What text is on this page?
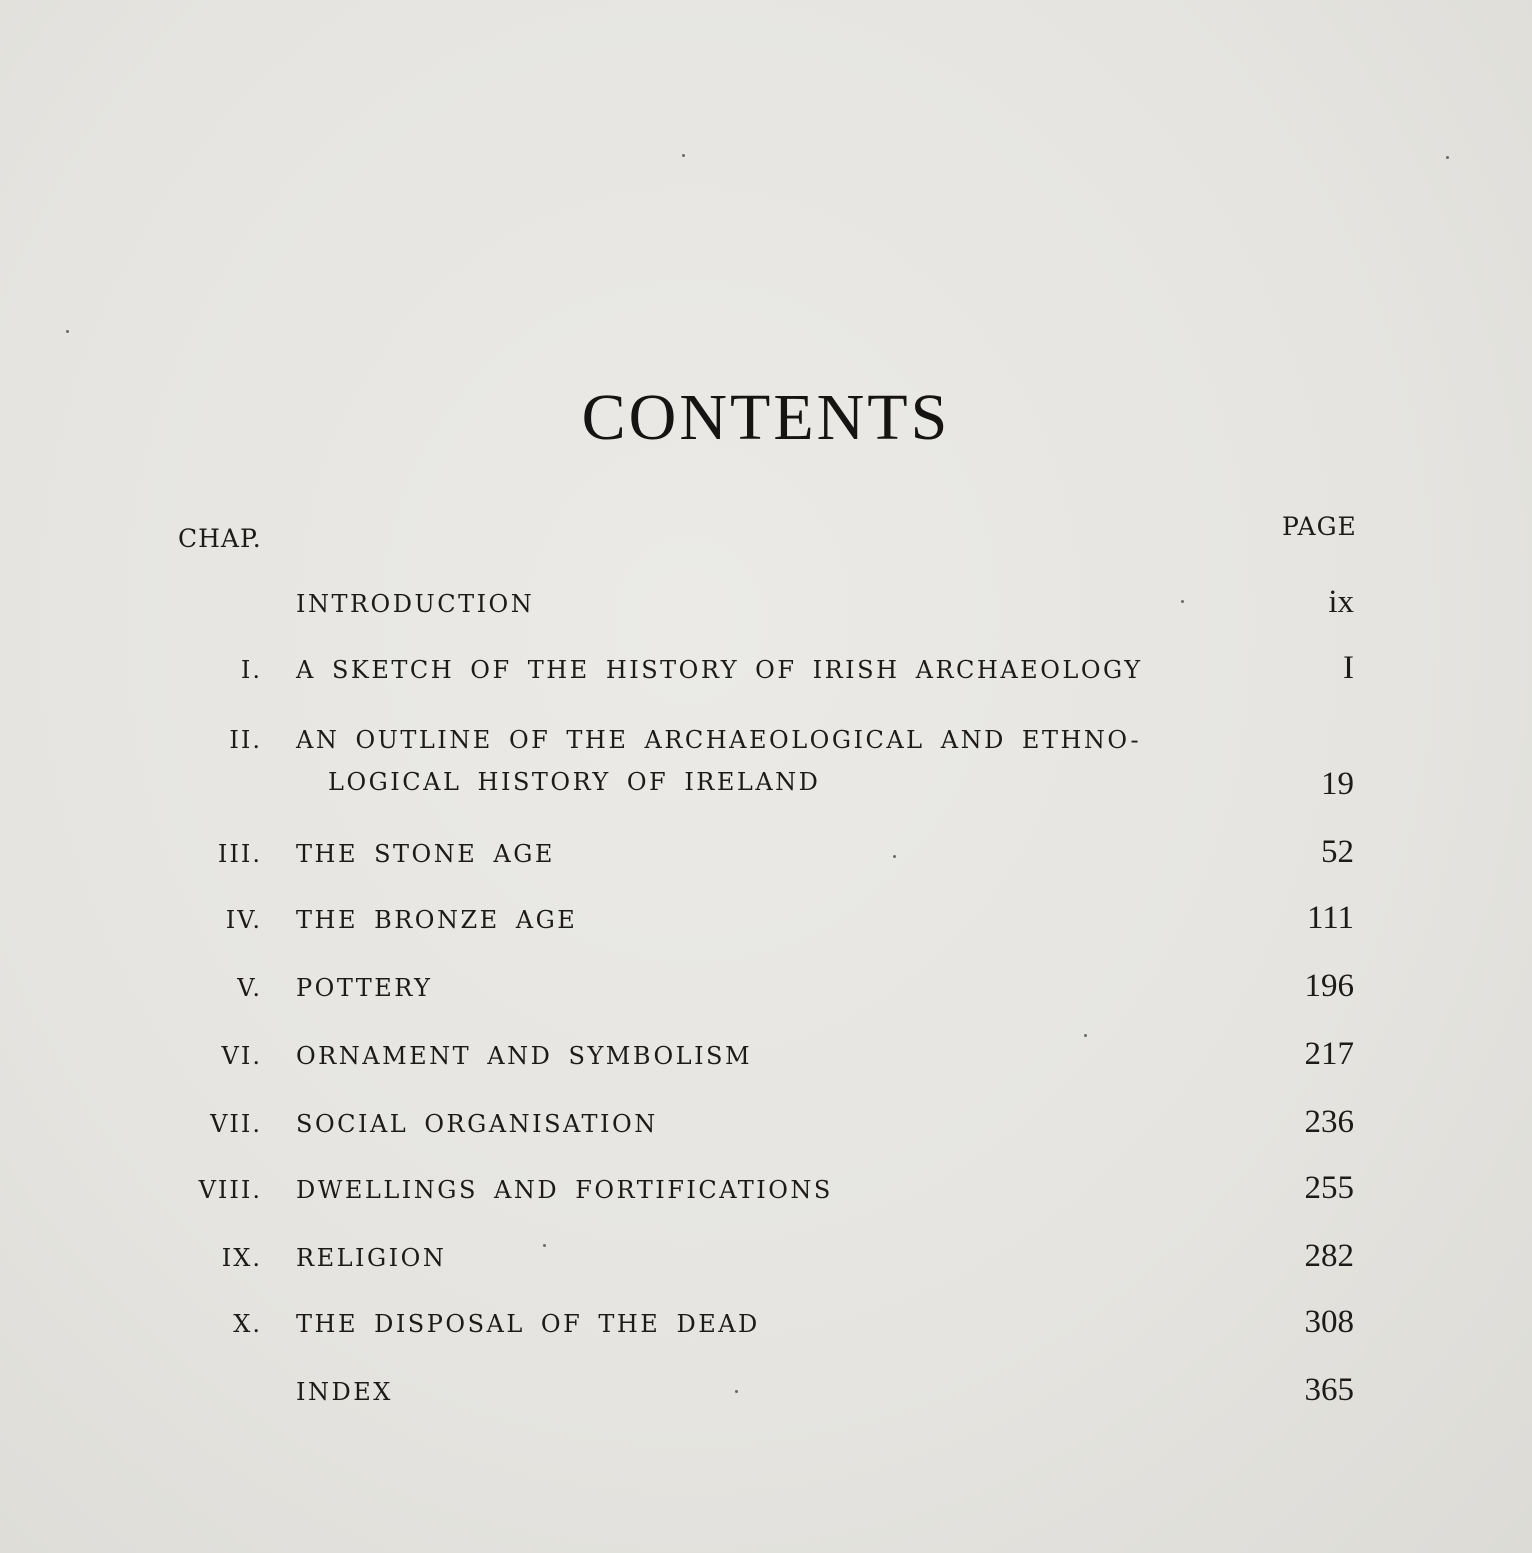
CONTENTS
CHAP.	PAGE
INTRODUCTION	ix
I. A SKETCH OF THE HISTORY OF IRISH ARCHAEOLOGY	I
II. AN OUTLINE OF THE ARCHAEOLOGICAL AND ETHNO-
LOGICAL HISTORY OF IRELAND	19
III. THE STONE AGE	52
IV. THE BRONZE AGE	111
V. POTTERY	196
VI. ORNAMENT AND SYMBOLISM	217
VII. SOCIAL ORGANISATION	236
VIII. DWELLINGS AND FORTIFICATIONS	255
IX. RELIGION	282
X. THE DISPOSAL OF THE DEAD	308
INDEX	365
